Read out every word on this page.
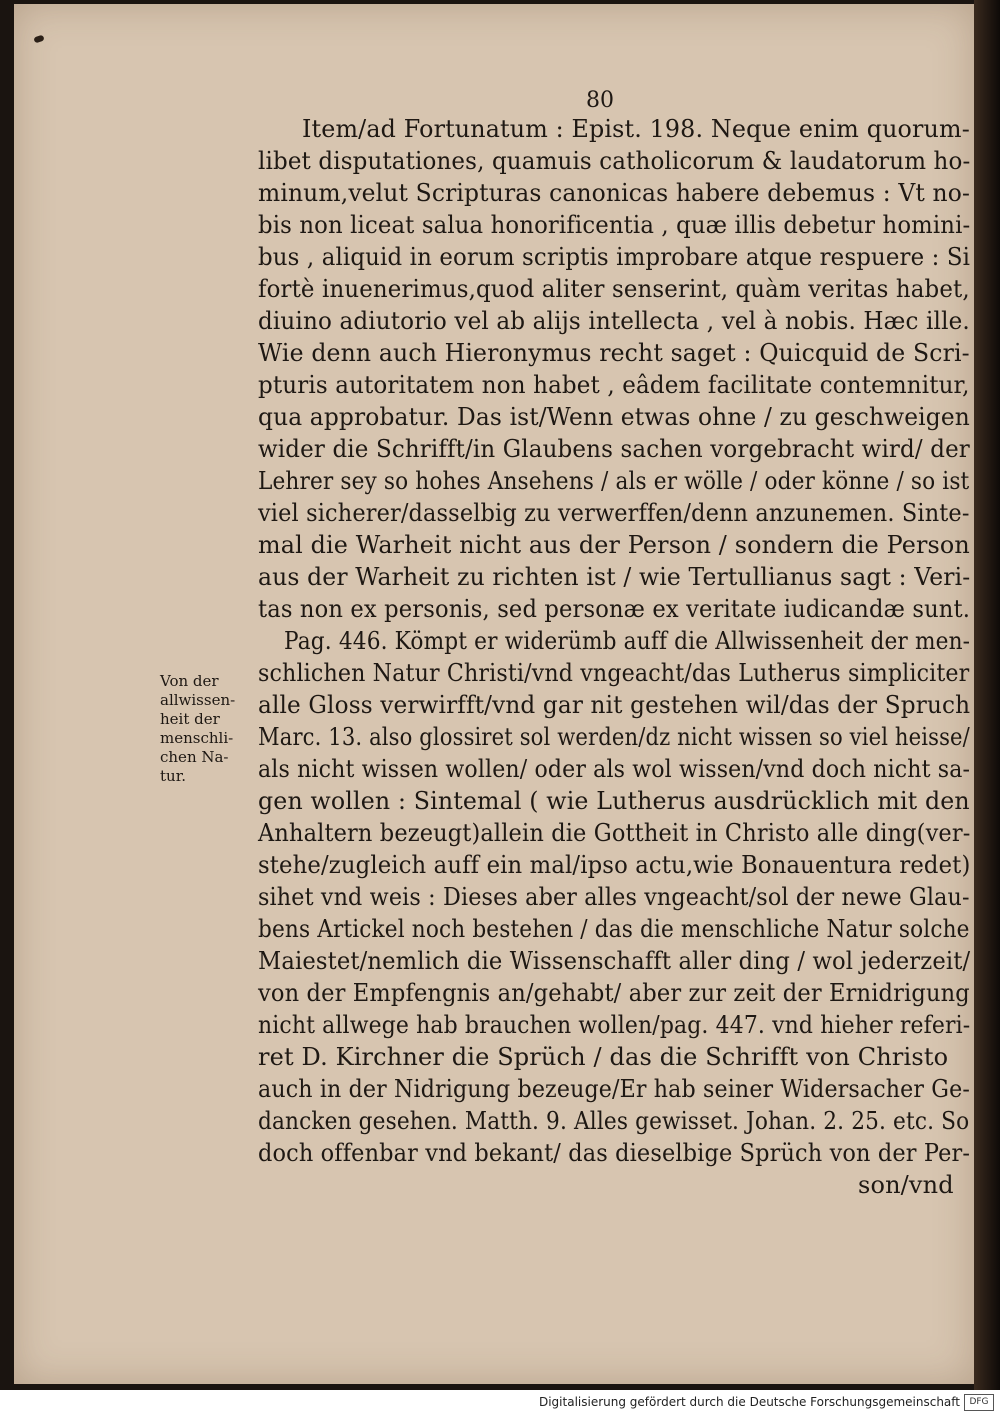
80
Item/ad Fortunatum : Epist. 198. Neque enim quorum-
libet disputationes, quamuis catholicorum & laudatorum ho-
minum,velut Scripturas canonicas habere debemus : Vt no-
bis non liceat salua honorificentia , quæ illis debetur homini-
bus , aliquid in eorum scriptis improbare atque respuere : Si
fortè inuenerimus,quod aliter senserint, quàm veritas habet,
diuino adiutorio vel ab alijs intellecta , vel à nobis. Hæc ille.
Wie denn auch Hieronymus recht saget : Quicquid de Scri-
pturis autoritatem non habet , eâdem facilitate contemnitur,
qua approbatur. Das ist/Wenn etwas ohne / zu geschweigen
wider die Schrifft/in Glaubens sachen vorgebracht wird/ der
Lehrer sey so hohes Ansehens / als er wölle / oder könne / so ist
viel sicherer/dasselbig zu verwerffen/denn anzunemen. Sinte-
mal die Warheit nicht aus der Person / sondern die Person
aus der Warheit zu richten ist / wie Tertullianus sagt : Veri-
tas non ex personis, sed personæ ex veritate iudicandæ sunt.
Pag. 446. Kömpt er widerümb auff die Allwissenheit der men-
schlichen Natur Christi/vnd vngeacht/das Lutherus simpliciter
alle Gloss verwirfft/vnd gar nit gestehen wil/das der Spruch
Marc. 13. also glossiret sol werden/dz nicht wissen so viel heisse/
als nicht wissen wollen/ oder als wol wissen/vnd doch nicht sa-
gen wollen : Sintemal ( wie Lutherus ausdrücklich mit den
Anhaltern bezeugt)allein die Gottheit in Christo alle ding(ver-
stehe/zugleich auff ein mal/ipso actu,wie Bonauentura redet)
sihet vnd weis : Dieses aber alles vngeacht/sol der newe Glau-
bens Artickel noch bestehen / das die menschliche Natur solche
Maiestet/nemlich die Wissenschafft aller ding / wol jederzeit/
von der Empfengnis an/gehabt/ aber zur zeit der Ernidrigung
nicht allwege hab brauchen wollen/pag. 447. vnd hieher referi-
ret D. Kirchner die Sprüch / das die Schrifft von Christo
auch in der Nidrigung bezeuge/Er hab seiner Widersacher Ge-
dancken gesehen. Matth. 9. Alles gewisset. Johan. 2. 25. etc. So
doch offenbar vnd bekant/ das dieselbige Sprüch von der Per-
son/vnd
Von der
allwissen-
heit der
menschli-
chen Na-
tur.
Digitalisierung gefördert durch die Deutsche Forschungsgemeinschaft	DFG
